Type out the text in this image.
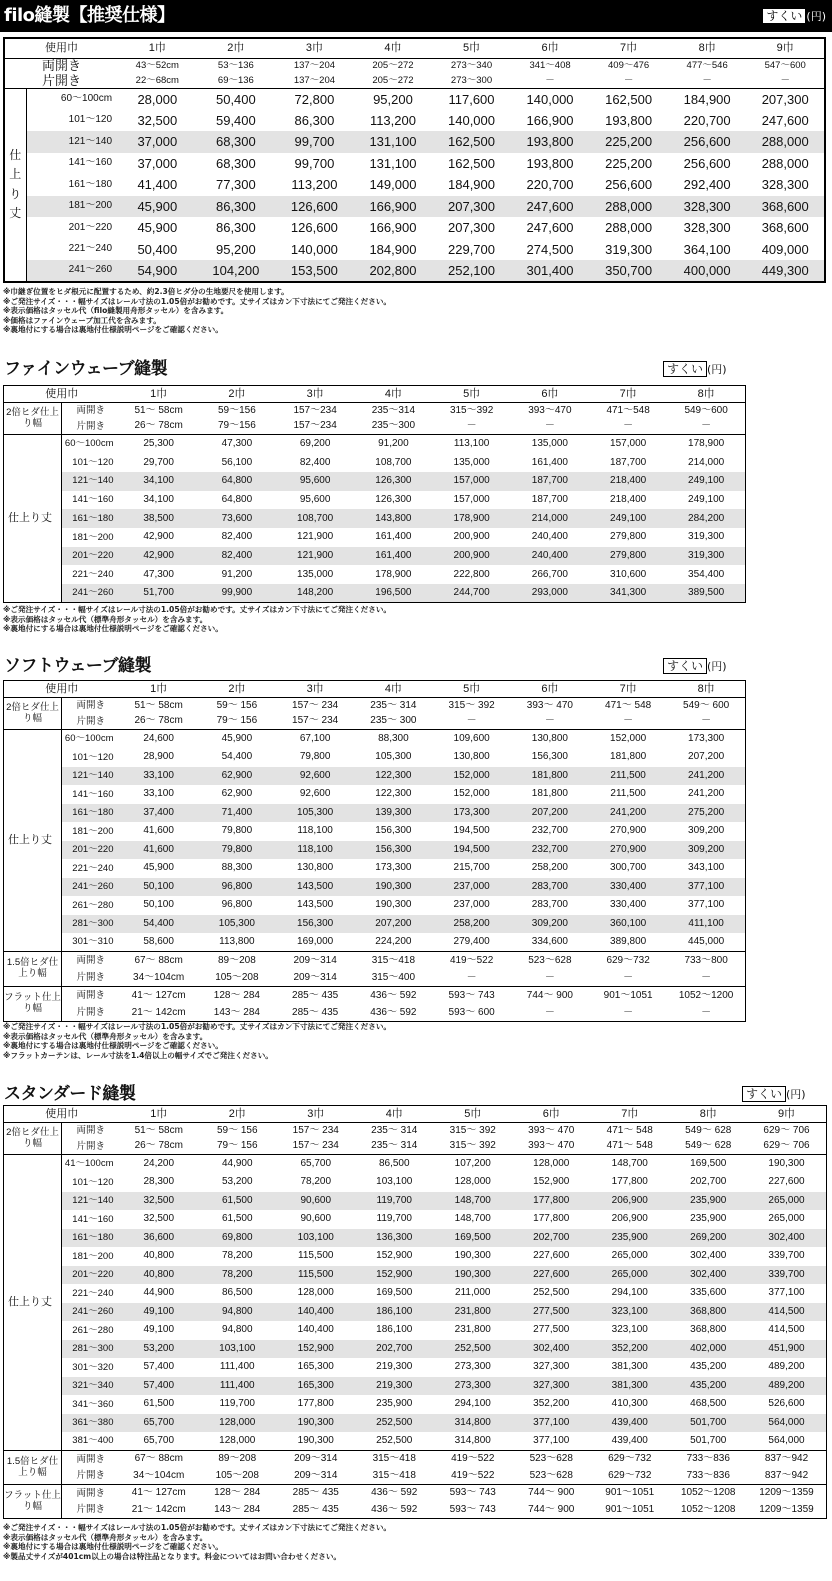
filo縫製【推奨仕様】	すくい (円)
使用巾		1巾	2巾	3巾	4巾	5巾	6巾	7巾	8巾	9巾
両開き		43～52cm	53～136	137～204	205～272	273～340	341～408	409～476	477～546	547～600
片開き		22～68cm	69～136	137～204	205～272	273～300	－	－	－	－
仕上り丈	60～100cm	28,000	50,400	72,800	95,200	117,600	140,000	162,500	184,900	207,300
	101～120	32,500	59,400	86,300	113,200	140,000	166,900	193,800	220,700	247,600
	121～140	37,000	68,300	99,700	131,100	162,500	193,800	225,200	256,600	288,000
	141～160	37,000	68,300	99,700	131,100	162,500	193,800	225,200	256,600	288,000
	161～180	41,400	77,300	113,200	149,000	184,900	220,700	256,600	292,400	328,300
	181～200	45,900	86,300	126,600	166,900	207,300	247,600	288,000	328,300	368,600
	201～220	45,900	86,300	126,600	166,900	207,300	247,600	288,000	328,300	368,600
	221～240	50,400	95,200	140,000	184,900	229,700	274,500	319,300	364,100	409,000
	241～260	54,900	104,200	153,500	202,800	252,100	301,400	350,700	400,000	449,300
※巾継ぎ位置をヒダ根元に配置するため、約2.3倍ヒダ分の生地要尺を使用します。
※ご発注サイズ・・・幅サイズはレール寸法の1.05倍がお勧めです。丈サイズはカン下寸法にてご発注ください。
※表示価格はタッセル代（filo縫製用舟形タッセル）を含みます。
※価格はファインウェーブ加工代を含みます。
※裏地付にする場合は裏地付仕様説明ページをご確認ください。
ファインウェーブ縫製	すくい (円)
使用巾		1巾	2巾	3巾	4巾	5巾	6巾	7巾	8巾
2倍ヒダ仕上り幅	両開き	51～ 58cm	59～156	157～234	235～314	315～392	393～470	471～548	549～600
	片開き	26～ 78cm	79～156	157～234	235～300	－	－	－	－
仕上り丈	60～100cm	25,300	47,300	69,200	91,200	113,100	135,000	157,000	178,900
	101～120	29,700	56,100	82,400	108,700	135,000	161,400	187,700	214,000
	121～140	34,100	64,800	95,600	126,300	157,000	187,700	218,400	249,100
	141～160	34,100	64,800	95,600	126,300	157,000	187,700	218,400	249,100
	161～180	38,500	73,600	108,700	143,800	178,900	214,000	249,100	284,200
	181～200	42,900	82,400	121,900	161,400	200,900	240,400	279,800	319,300
	201～220	42,900	82,400	121,900	161,400	200,900	240,400	279,800	319,300
	221～240	47,300	91,200	135,000	178,900	222,800	266,700	310,600	354,400
	241～260	51,700	99,900	148,200	196,500	244,700	293,000	341,300	389,500
※ご発注サイズ・・・幅サイズはレール寸法の1.05倍がお勧めです。丈サイズはカン下寸法にてご発注ください。
※表示価格はタッセル代（標準舟形タッセル）を含みます。
※裏地付にする場合は裏地付仕様説明ページをご確認ください。
ソフトウェーブ縫製	すくい (円)
使用巾		1巾	2巾	3巾	4巾	5巾	6巾	7巾	8巾
2倍ヒダ仕上り幅	両開き	51～ 58cm	59～ 156	157～ 234	235～ 314	315～ 392	393～ 470	471～ 548	549～ 600
	片開き	26～ 78cm	79～ 156	157～ 234	235～ 300	－	－	－	－
仕上り丈	60～100cm	24,600	45,900	67,100	88,300	109,600	130,800	152,000	173,300
	101～120	28,900	54,400	79,800	105,300	130,800	156,300	181,800	207,200
	121～140	33,100	62,900	92,600	122,300	152,000	181,800	211,500	241,200
	141～160	33,100	62,900	92,600	122,300	152,000	181,800	211,500	241,200
	161～180	37,400	71,400	105,300	139,300	173,300	207,200	241,200	275,200
	181～200	41,600	79,800	118,100	156,300	194,500	232,700	270,900	309,200
	201～220	41,600	79,800	118,100	156,300	194,500	232,700	270,900	309,200
	221～240	45,900	88,300	130,800	173,300	215,700	258,200	300,700	343,100
	241～260	50,100	96,800	143,500	190,300	237,000	283,700	330,400	377,100
	261～280	50,100	96,800	143,500	190,300	237,000	283,700	330,400	377,100
	281～300	54,400	105,300	156,300	207,200	258,200	309,200	360,100	411,100
	301～310	58,600	113,800	169,000	224,200	279,400	334,600	389,800	445,000
1.5倍ヒダ仕上り幅	両開き	67～ 88cm	89～208	209～314	315～418	419～522	523～628	629～732	733～800
	片開き	34～104cm	105～208	209～314	315～400	－	－	－	－
フラット仕上り幅	両開き	41～ 127cm	128～ 284	285～ 435	436～ 592	593～ 743	744～ 900	901～1051	1052～1200
	片開き	21～ 142cm	143～ 284	285～ 435	436～ 592	593～ 600	－	－	－
※ご発注サイズ・・・幅サイズはレール寸法の1.05倍がお勧めです。丈サイズはカン下寸法にてご発注ください。
※表示価格はタッセル代（標準舟形タッセル）を含みます。
※裏地付にする場合は裏地付仕様説明ページをご確認ください。
※フラットカーテンは、レール寸法を1.4倍以上の幅サイズでご発注ください。
スタンダード縫製	すくい (円)
使用巾		1巾	2巾	3巾	4巾	5巾	6巾	7巾	8巾	9巾
2倍ヒダ仕上り幅	両開き	51～ 58cm	59～ 156	157～ 234	235～ 314	315～ 392	393～ 470	471～ 548	549～ 628	629～ 706
	片開き	26～ 78cm	79～ 156	157～ 234	235～ 314	315～ 392	393～ 470	471～ 548	549～ 628	629～ 706
仕上り丈	41～100cm	24,200	44,900	65,700	86,500	107,200	128,000	148,700	169,500	190,300
	101～120	28,300	53,200	78,200	103,100	128,000	152,900	177,800	202,700	227,600
	121～140	32,500	61,500	90,600	119,700	148,700	177,800	206,900	235,900	265,000
	141～160	32,500	61,500	90,600	119,700	148,700	177,800	206,900	235,900	265,000
	161～180	36,600	69,800	103,100	136,300	169,500	202,700	235,900	269,200	302,400
	181～200	40,800	78,200	115,500	152,900	190,300	227,600	265,000	302,400	339,700
	201～220	40,800	78,200	115,500	152,900	190,300	227,600	265,000	302,400	339,700
	221～240	44,900	86,500	128,000	169,500	211,000	252,500	294,100	335,600	377,100
	241～260	49,100	94,800	140,400	186,100	231,800	277,500	323,100	368,800	414,500
	261～280	49,100	94,800	140,400	186,100	231,800	277,500	323,100	368,800	414,500
	281～300	53,200	103,100	152,900	202,700	252,500	302,400	352,200	402,000	451,900
	301～320	57,400	111,400	165,300	219,300	273,300	327,300	381,300	435,200	489,200
	321～340	57,400	111,400	165,300	219,300	273,300	327,300	381,300	435,200	489,200
	341～360	61,500	119,700	177,800	235,900	294,100	352,200	410,300	468,500	526,600
	361～380	65,700	128,000	190,300	252,500	314,800	377,100	439,400	501,700	564,000
	381～400	65,700	128,000	190,300	252,500	314,800	377,100	439,400	501,700	564,000
1.5倍ヒダ仕上り幅	両開き	67～ 88cm	89～208	209～314	315～418	419～522	523～628	629～732	733～836	837～942
	片開き	34～104cm	105～208	209～314	315～418	419～522	523～628	629～732	733～836	837～942
フラット仕上り幅	両開き	41～ 127cm	128～ 284	285～ 435	436～ 592	593～ 743	744～ 900	901～1051	1052～1208	1209～1359
	片開き	21～ 142cm	143～ 284	285～ 435	436～ 592	593～ 743	744～ 900	901～1051	1052～1208	1209～1359
※ご発注サイズ・・・幅サイズはレール寸法の1.05倍がお勧めです。丈サイズはカン下寸法にてご発注ください。
※表示価格はタッセル代（標準舟形タッセル）を含みます。
※裏地付にする場合は裏地付仕様説明ページをご確認ください。
※製品丈サイズが401cm以上の場合は特注品となります。料金についてはお問い合わせください。
